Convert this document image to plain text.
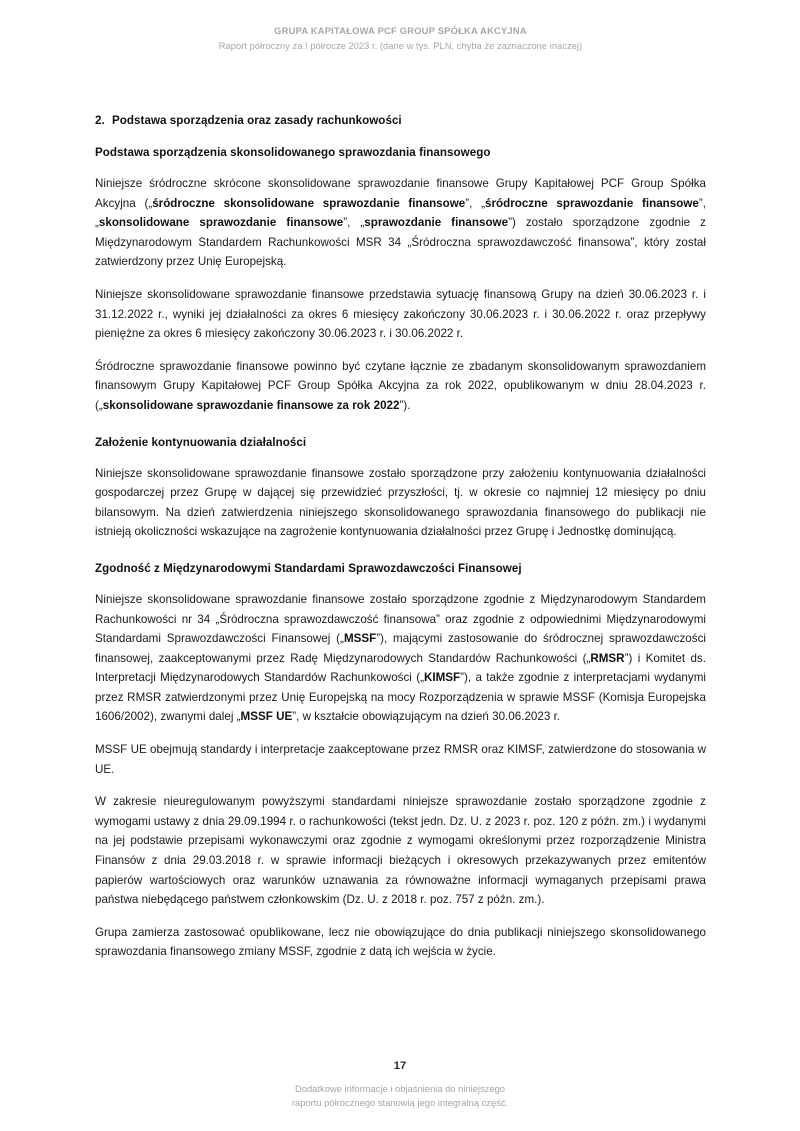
GRUPA KAPITAŁOWA PCF GROUP SPÓŁKA AKCYJNA
Raport półroczny za I półrocze 2023 r. (dane w tys. PLN, chyba że zaznaczone inaczej)
2. Podstawa sporządzenia oraz zasady rachunkowości
Podstawa sporządzenia skonsolidowanego sprawozdania finansowego

Niniejsze śródroczne skrócone skonsolidowane sprawozdanie finansowe Grupy Kapitałowej PCF Group Spółka Akcyjna („śródroczne skonsolidowane sprawozdanie finansowe”, „śródroczne sprawozdanie finansowe”, „skonsolidowane sprawozdanie finansowe”, „sprawozdanie finansowe”) zostało sporządzone zgodnie z Międzynarodowym Standardem Rachunkowości MSR 34 „Śródroczna sprawozdawczość finansowa”, który został zatwierdzony przez Unię Europejską.

Niniejsze skonsolidowane sprawozdanie finansowe przedstawia sytuację finansową Grupy na dzień 30.06.2023 r. i 31.12.2022 r., wyniki jej działalności za okres 6 miesięcy zakończony 30.06.2023 r. i 30.06.2022 r. oraz przepływy pieniężne za okres 6 miesięcy zakończony 30.06.2023 r. i 30.06.2022 r.

Śródroczne sprawozdanie finansowe powinno być czytane łącznie ze zbadanym skonsolidowanym sprawozdaniem finansowym Grupy Kapitałowej PCF Group Spółka Akcyjna za rok 2022, opublikowanym w dniu 28.04.2023 r. („skonsolidowane sprawozdanie finansowe za rok 2022”).

Założenie kontynuowania działalności

Niniejsze skonsolidowane sprawozdanie finansowe zostało sporządzone przy założeniu kontynuowania działalności gospodarczej przez Grupę w dającej się przewidzieć przyszłości, tj. w okresie co najmniej 12 miesięcy po dniu bilansowym. Na dzień zatwierdzenia niniejszego skonsolidowanego sprawozdania finansowego do publikacji nie istnieją okoliczności wskazujące na zagrożenie kontynuowania działalności przez Grupę i Jednostkę dominującą.

Zgodność z Międzynarodowymi Standardami Sprawozdawczości Finansowej

Niniejsze skonsolidowane sprawozdanie finansowe zostało sporządzone zgodnie z Międzynarodowym Standardem Rachunkowości nr 34 „Śródroczna sprawozdawczość finansowa” oraz zgodnie z odpowiednimi Międzynarodowymi Standardami Sprawozdawczości Finansowej („MSSF”), mającymi zastosowanie do śródrocznej sprawozdawczości finansowej, zaakceptowanymi przez Radę Międzynarodowych Standardów Rachunkowości („RMSR”) i Komitet ds. Interpretacji Międzynarodowych Standardów Rachunkowości („KIMSF”), a także zgodnie z interpretacjami wydanymi przez RMSR zatwierdzonymi przez Unię Europejską na mocy Rozporządzenia w sprawie MSSF (Komisja Europejska 1606/2002), zwanymi dalej „MSSF UE”, w kształcie obowiązującym na dzień 30.06.2023 r.

MSSF UE obejmują standardy i interpretacje zaakceptowane przez RMSR oraz KIMSF, zatwierdzone do stosowania w UE.

W zakresie nieuregulowanym powyższymi standardami niniejsze sprawozdanie zostało sporządzone zgodnie z wymogami ustawy z dnia 29.09.1994 r. o rachunkowości (tekst jedn. Dz. U. z 2023 r. poz. 120 z późn. zm.) i wydanymi na jej podstawie przepisami wykonawczymi oraz zgodnie z wymogami określonymi przez rozporządzenie Ministra Finansów z dnia 29.03.2018 r. w sprawie informacji bieżących i okresowych przekazywanych przez emitentów papierów wartościowych oraz warunków uznawania za równoważne informacji wymaganych przepisami prawa państwa niebędącego państwem członkowskim (Dz. U. z 2018 r. poz. 757 z późn. zm.).

Grupa zamierza zastosować opublikowane, lecz nie obowiązujące do dnia publikacji niniejszego skonsolidowanego sprawozdania finansowego zmiany MSSF, zgodnie z datą ich wejścia w życie.

17
Dodatkowe informacje i objaśnienia do niniejszego
raportu półrocznego stanowią jego integralną część.
